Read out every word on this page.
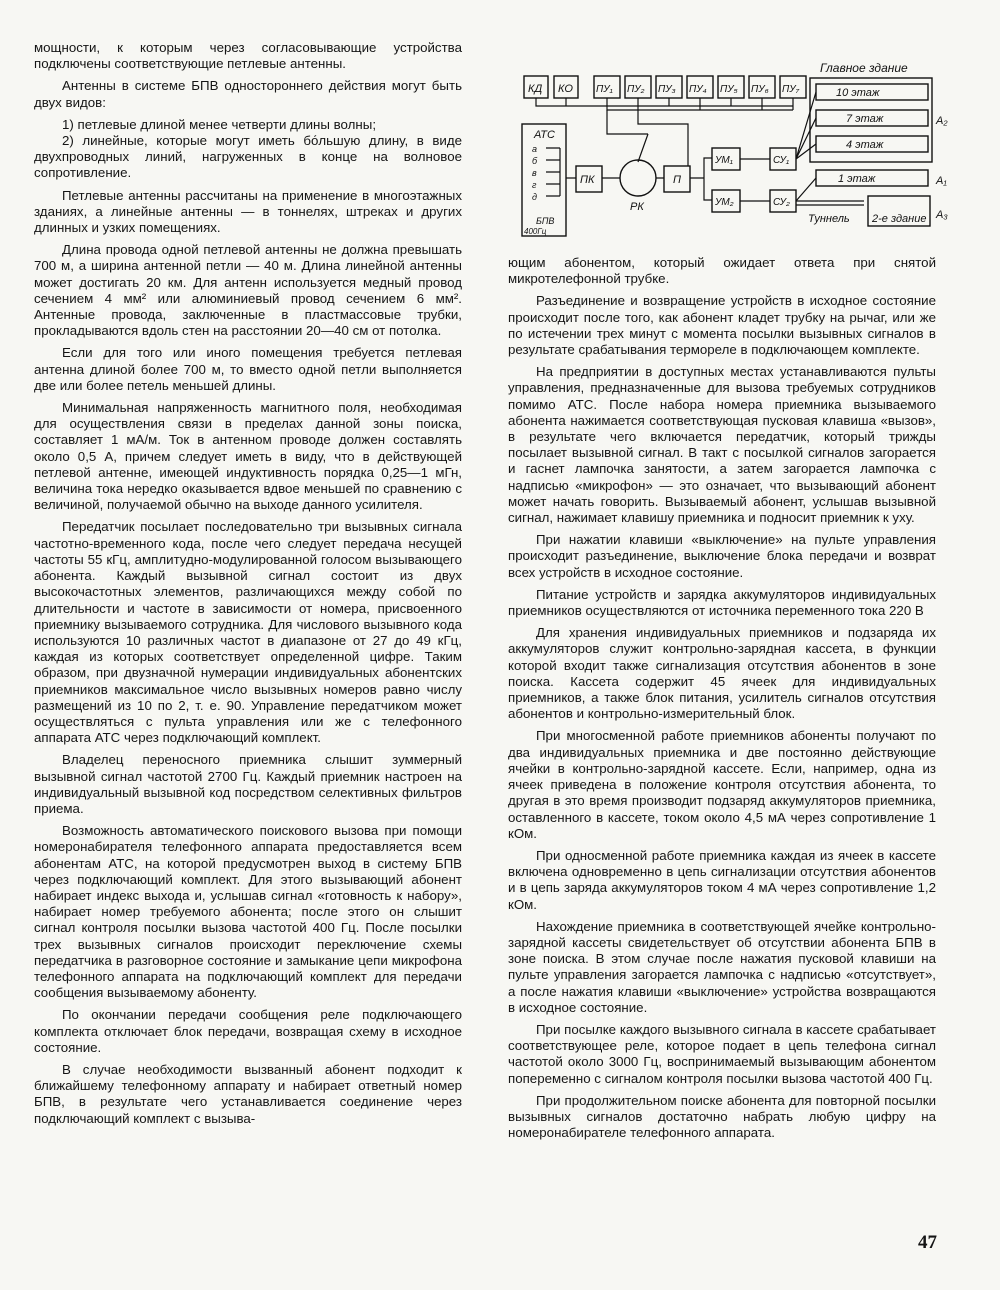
мощности, к которым через согласовывающие устройства подключены соответствующие петлевые антенны.

Антенны в системе БПВ одностороннего действия могут быть двух видов:

1) петлевые длиной менее четверти длины волны;

2) линейные, которые могут иметь бо́льшую длину, в виде двухпроводных линий, нагруженных в конце на волновое сопротивление.

Петлевые антенны рассчитаны на применение в многоэтажных зданиях, а линейные антенны — в тоннелях, штреках и других длинных и узких помещениях.

Длина провода одной петлевой антенны не должна превышать 700 м, а ширина антенной петли — 40 м. Длина линейной антенны может достигать 20 км. Для антенн используется медный провод сечением 4 мм² или алюминиевый провод сечением 6 мм². Антенные провода, заключенные в пластмассовые трубки, прокладываются вдоль стен на расстоянии 20—40 см от потолка.

Если для того или иного помещения требуется петлевая антенна длиной более 700 м, то вместо одной петли выполняется две или более петель меньшей длины.

Минимальная напряженность магнитного поля, необходимая для осуществления связи в пределах данной зоны поиска, составляет 1 мА/м. Ток в антенном проводе должен составлять около 0,5 А, причем следует иметь в виду, что в действующей петлевой антенне, имеющей индуктивность порядка 0,25—1 мГн, величина тока нередко оказывается вдвое меньшей по сравнению с величиной, получаемой обычно на выходе данного усилителя.

Передатчик посылает последовательно три вызывных сигнала частотно-временного кода, после чего следует передача несущей частоты 55 кГц, амплитудно-модулированной голосом вызывающего абонента. Каждый вызывной сигнал состоит из двух высокочастотных элементов, различающихся между собой по длительности и частоте в зависимости от номера, присвоенного приемнику вызываемого сотрудника. Для числового вызывного кода используются 10 различных частот в диапазоне от 27 до 49 кГц, каждая из которых соответствует определенной цифре. Таким образом, при двузначной нумерации индивидуальных абонентских приемников максимальное число вызывных номеров равно числу размещений из 10 по 2, т. е. 90. Управление передатчиком может осуществляться с пульта управления или же с телефонного аппарата АТС через подключающий комплект.

Владелец переносного приемника слышит зуммерный вызывной сигнал частотой 2700 Гц. Каждый приемник настроен на индивидуальный вызывной код посредством селективных фильтров приема.

Возможность автоматического поискового вызова при помощи номеронабирателя телефонного аппарата предоставляется всем абонентам АТС, на которой предусмотрен выход в систему БПВ через подключающий комплект. Для этого вызывающий абонент набирает индекс выхода и, услышав сигнал «готовность к набору», набирает номер требуемого абонента; после этого он слышит сигнал контроля посылки вызова частотой 400 Гц. После посылки трех вызывных сигналов происходит переключение схемы передатчика в разговорное состояние и замыкание цепи микрофона телефонного аппарата на подключающий комплект для передачи сообщения вызываемому абоненту.

По окончании передачи сообщения реле подключающего комплекта отключает блок передачи, возвращая схему в исходное состояние.

В случае необходимости вызванный абонент подходит к ближайшему телефонному аппарату и набирает ответный номер БПВ, в результате чего устанавливается соединение через подключающий комплект с вызыва-

КД КО ПУ₁ ПУ₂ ПУ₃ ПУ₄ ПУ₅ ПУ₆ ПУ₇
АТС
а
б
в
г
д
БПВ
400Гц
ПК
РК
П
УМ₁
УМ₂
СУ₁
СУ₂
Главное здание
10 этаж
7 этаж
4 этаж
A₂
1 этаж	A₁
Туннель 2-е здание A₃

ющим абонентом, который ожидает ответа при снятой микротелефонной трубке.

Разъединение и возвращение устройств в исходное состояние происходит после того, как абонент кладет трубку на рычаг, или же по истечении трех минут с момента посылки вызывных сигналов в результате срабатывания термореле в подключающем комплекте.

На предприятии в доступных местах устанавливаются пульты управления, предназначенные для вызова требуемых сотрудников помимо АТС. После набора номера приемника вызываемого абонента нажимается соответствующая пусковая клавиша «вызов», в результате чего включается передатчик, который трижды посылает вызывной сигнал. В такт с посылкой сигналов загорается и гаснет лампочка занятости, а затем загорается лампочка с надписью «микрофон» — это означает, что вызывающий абонент может начать говорить. Вызываемый абонент, услышав вызывной сигнал, нажимает клавишу приемника и подносит приемник к уху.

При нажатии клавиши «выключение» на пульте управления происходит разъединение, выключение блока передачи и возврат всех устройств в исходное состояние.

Питание устройств и зарядка аккумуляторов индивидуальных приемников осуществляются от источника переменного тока 220 В

Для хранения индивидуальных приемников и подзаряда их аккумуляторов служит контрольно-зарядная кассета, в функции которой входит также сигнализация отсутствия абонентов в зоне поиска. Кассета содержит 45 ячеек для индивидуальных приемников, а также блок питания, усилитель сигналов отсутствия абонентов и контрольно-измерительный блок.

При многосменной работе приемников абоненты получают по два индивидуальных приемника и две постоянно действующие ячейки в контрольно-зарядной кассете. Если, например, одна из ячеек приведена в положение контроля отсутствия абонента, то другая в это время производит подзаряд аккумуляторов приемника, оставленного в кассете, током около 4,5 мА через сопротивление 1 кОм.

При односменной работе приемника каждая из ячеек в кассете включена одновременно в цепь сигнализации отсутствия абонентов и в цепь заряда аккумуляторов током 4 мА через сопротивление 1,2 кОм.

Нахождение приемника в соответствующей ячейке контрольно-зарядной кассеты свидетельствует об отсутствии абонента БПВ в зоне поиска. В этом случае после нажатия пусковой клавиши на пульте управления загорается лампочка с надписью «отсутствует», а после нажатия клавиши «выключение» устройства возвращаются в исходное состояние.

При посылке каждого вызывного сигнала в кассете срабатывает соответствующее реле, которое подает в цепь телефона сигнал частотой около 3000 Гц, воспринимаемый вызывающим абонентом попеременно с сигналом контроля посылки вызова частотой 400 Гц.

При продолжительном поиске абонента для повторной посылки вызывных сигналов достаточно набрать любую цифру на номеронабирателе телефонного аппарата.

47
